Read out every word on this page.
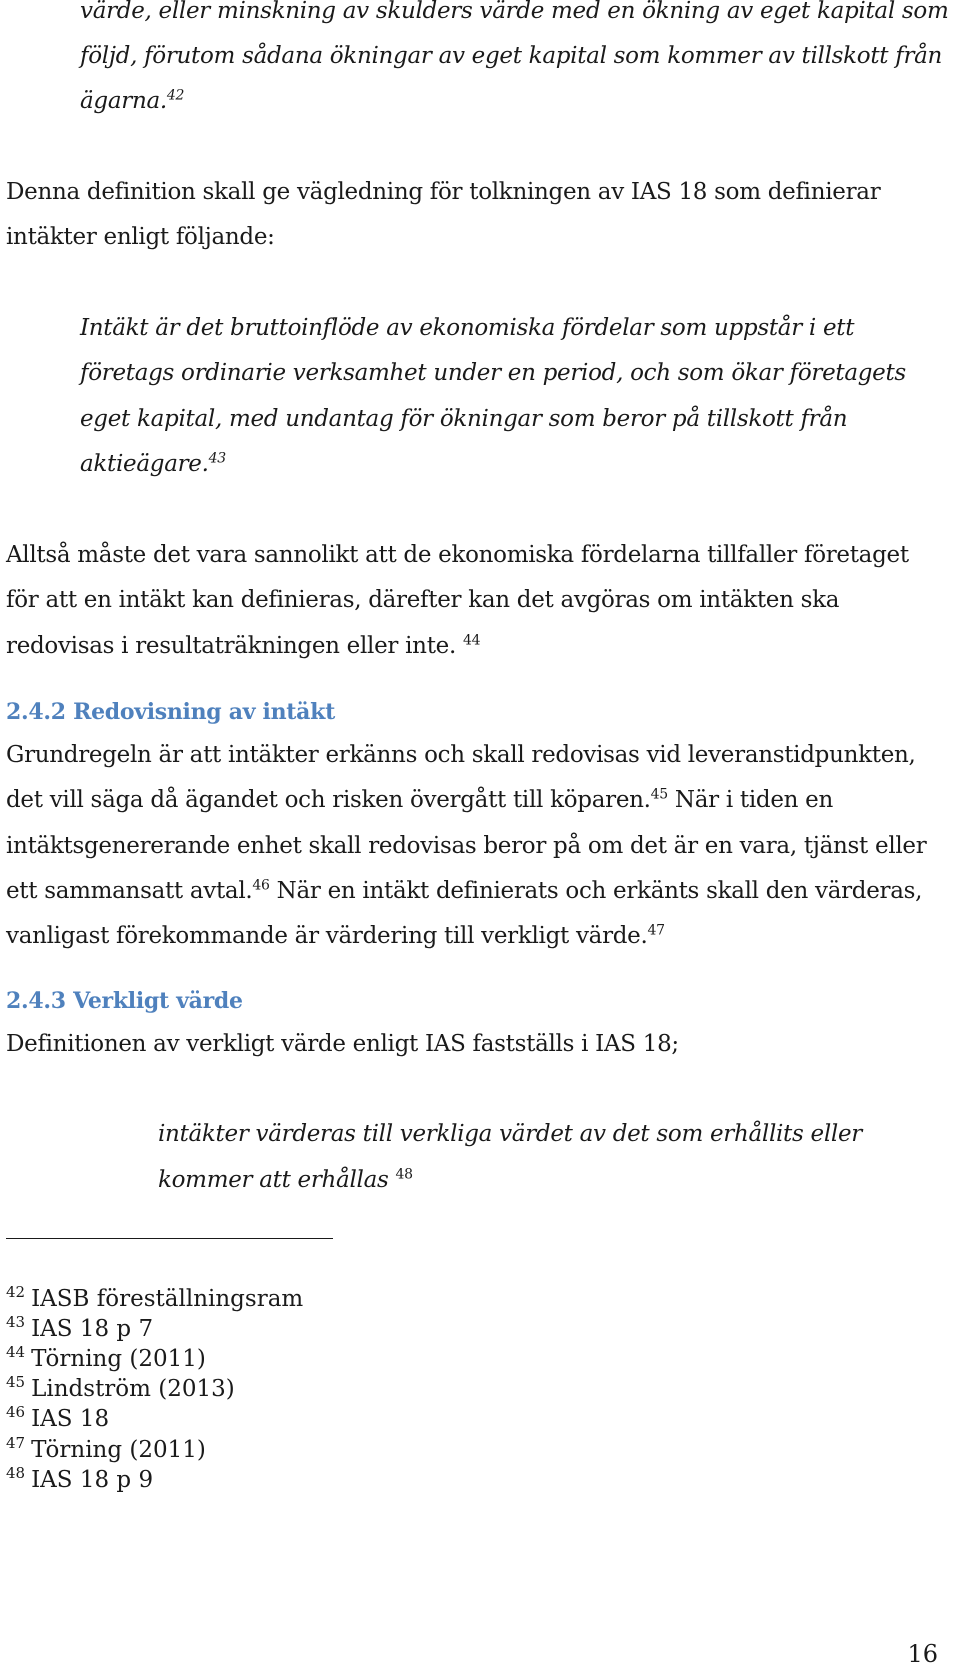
värde, eller minskning av skulders värde med en ökning av eget kapital som
följd, förutom sådana ökningar av eget kapital som kommer av tillskott från
ägarna.$^{42}$
Denna definition skall ge vägledning för tolkningen av IAS 18 som definierar
intäkter enligt följande:
Intäkt är det bruttoinflöde av ekonomiska fördelar som uppstår i ett
företags ordinarie verksamhet under en period, och som ökar företagets
eget kapital, med undantag för ökningar som beror på tillskott från
aktieägare.$^{43}$
Alltså måste det vara sannolikt att de ekonomiska fördelarna tillfaller företaget
för att en intäkt kan definieras, därefter kan det avgöras om intäkten ska
redovisas i resultaträkningen eller inte. $^{44}$
2.4.2 Redovisning av intäkt
Grundregeln är att intäkter erkänns och skall redovisas vid leveranstidpunkten,
det vill säga då ägandet och risken övergått till köparen.$^{45}$ När i tiden en
intäktsgenererande enhet skall redovisas beror på om det är en vara, tjänst eller
ett sammansatt avtal.$^{46}$ När en intäkt definierats och erkänts skall den värderas,
vanligast förekommande är värdering till verkligt värde.$^{47}$
2.4.3 Verkligt värde
Definitionen av verkligt värde enligt IAS fastställs i IAS 18;
intäkter värderas till verkliga värdet av det som erhållits eller
kommer att erhållas $^{48}$
$^{42}$ IASB föreställningsram
$^{43}$ IAS 18 p 7
$^{44}$ Törning (2011)
$^{45}$ Lindström (2013)
$^{46}$ IAS 18
$^{47}$ Törning (2011)
$^{48}$ IAS 18 p 9
16
